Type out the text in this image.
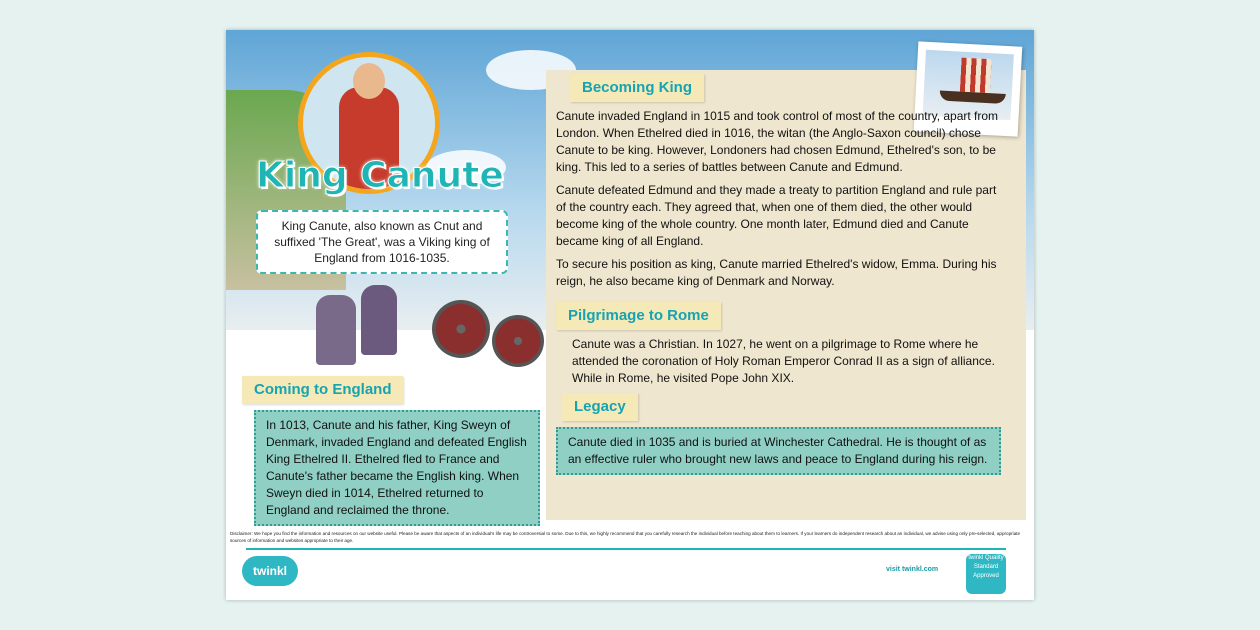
King Canute
King Canute, also known as Cnut and suffixed 'The Great', was a Viking king of England from 1016-1035.
Becoming King
Canute invaded England in 1015 and took control of most of the country, apart from London. When Ethelred died in 1016, the witan (the Anglo-Saxon council) chose Canute to be king. However, Londoners had chosen Edmund, Ethelred's son, to be king. This led to a series of battles between Canute and Edmund.
Canute defeated Edmund and they made a treaty to partition England and rule part of the country each. They agreed that, when one of them died, the other would become king of the whole country. One month later, Edmund died and Canute became king of all England.
To secure his position as king, Canute married Ethelred's widow, Emma. During his reign, he also became king of Denmark and Norway.
Pilgrimage to Rome
Canute was a Christian. In 1027, he went on a pilgrimage to Rome where he attended the coronation of Holy Roman Emperor Conrad II as a sign of alliance. While in Rome, he visited Pope John XIX.
Legacy
Canute died in 1035 and is buried at Winchester Cathedral. He is thought of as an effective ruler who brought new laws and peace to England during his reign.
Coming to England
In 1013, Canute and his father, King Sweyn of Denmark, invaded England and defeated English King Ethelred II. Ethelred fled to France and Canute's father became the English king. When Sweyn died in 1014, Ethelred returned to England and reclaimed the throne.
Disclaimer: We hope you find the information and resources on our website useful. Please be aware that aspects of an individual's life may be controversial to some. Due to this, we highly recommend that you carefully research the individual before teaching about them to learners. If your learners do independent research about an individual, we advise using only pre-selected, appropriate sources of information and websites appropriate to their age.
twinkl	visit twinkl.com
twinkl Quality Standard Approved
